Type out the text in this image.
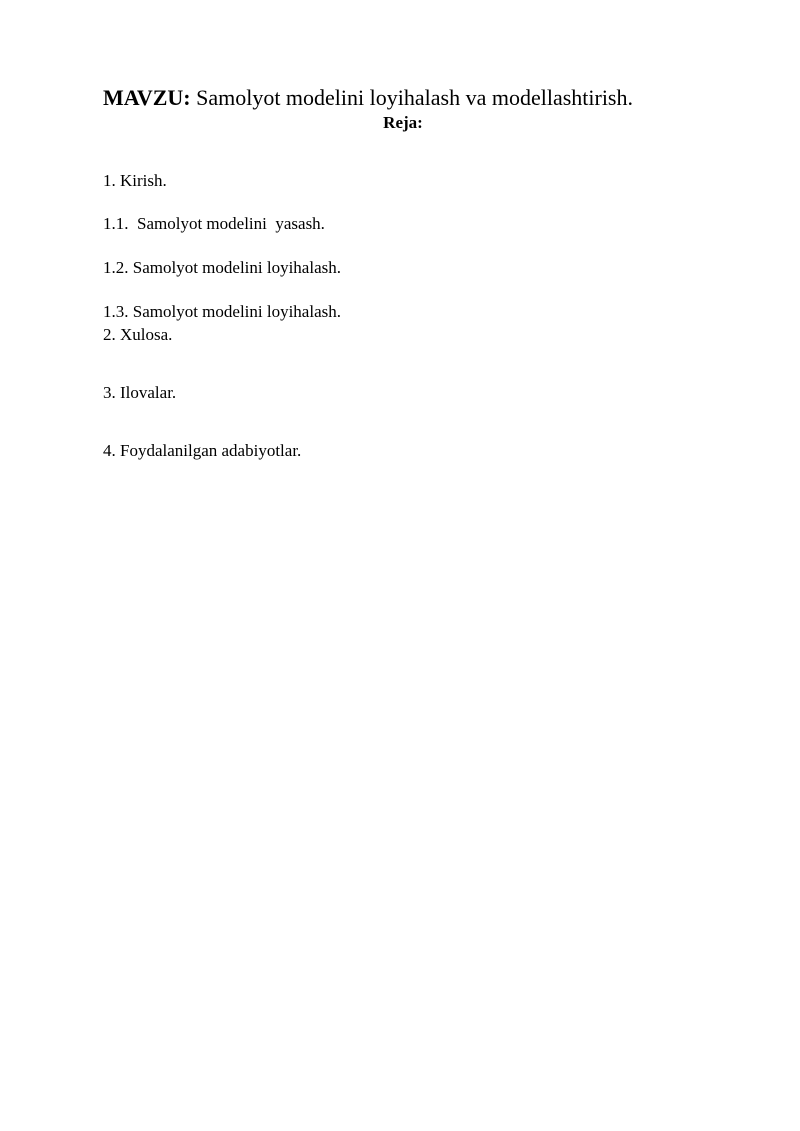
MAVZU: Samolyot modelini loyihalash va modellashtirish.
Reja:
1. Kirish.
1.1.  Samolyot modelini  yasash.
1.2. Samolyot modelini loyihalash.
1.3. Samolyot modelini loyihalash.
2. Xulosa.
3. Ilovalar.
4. Foydalanilgan adabiyotlar.
